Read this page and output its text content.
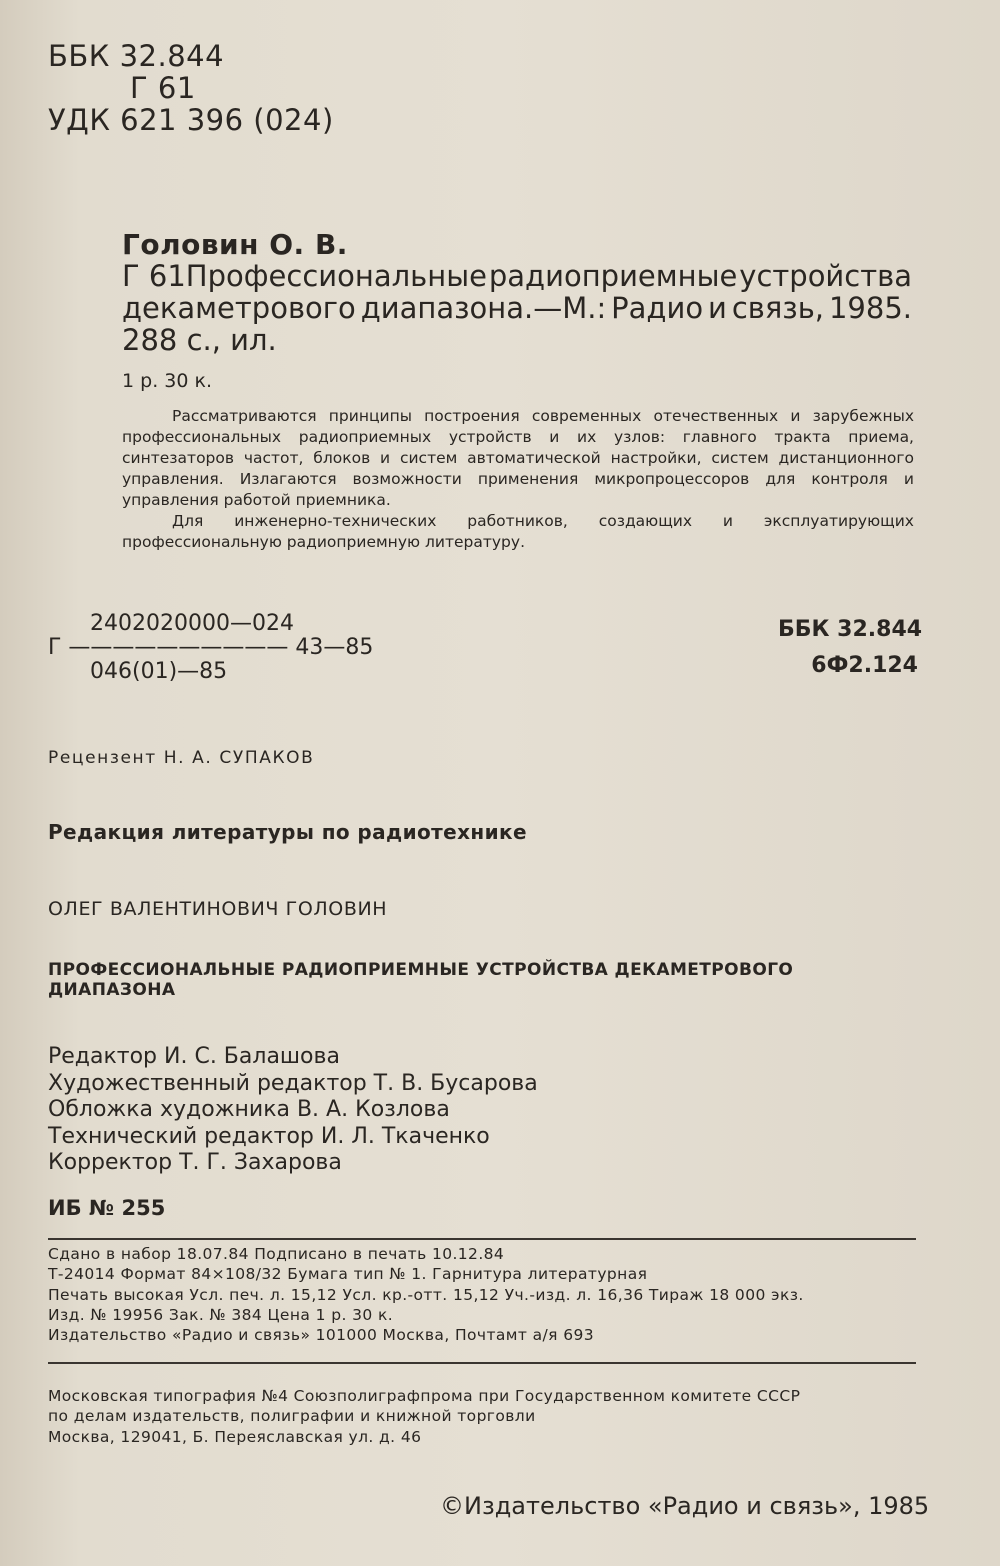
ББК 32.844
Г 61
УДК 621 396 (024)
Головин О. В.
Г 61Профессиональные радиоприемные устройства
декаметрового диапазона.—М.: Радио и связь, 1985.
288 с., ил.
1 р. 30 к.

Рассматриваются принципы построения современных отечественных и зарубежных профессиональных радиоприемных устройств и их узлов: главного тракта приема, синтезаторов частот, блоков и систем автоматической настройки, систем дистанционного управления. Излагаются возможности применения микропроцессоров для контроля и управления работой приемника.

Для инженерно-технических работников, создающих и эксплуатирующих профессиональную радиоприемную литературу.

2402020000—024
Г —————————— 43—85
046(01)—85
ББК 32.844
6Ф2.124
Рецензент Н. А. СУПАКОВ
Редакция литературы по радиотехнике
ОЛЕГ ВАЛЕНТИНОВИЧ ГОЛОВИН
ПРОФЕССИОНАЛЬНЫЕ РАДИОПРИЕМНЫЕ УСТРОЙСТВА ДЕКАМЕТРОВОГО ДИАПАЗОНА
Редактор И. С. Балашова
Художественный редактор Т. В. Бусарова
Обложка художника В. А. Козлова
Технический редактор И. Л. Ткаченко
Корректор Т. Г. Захарова
ИБ № 255
Сдано в набор 18.07.84 Подписано в печать 10.12.84
Т-24014 Формат 84×108/32 Бумага тип № 1. Гарнитура литературная
Печать высокая Усл. печ. л. 15,12 Усл. кр.-отт. 15,12 Уч.-изд. л. 16,36 Тираж 18 000 экз.
Изд. № 19956 Зак. № 384 Цена 1 р. 30 к.
Издательство «Радио и связь» 101000 Москва, Почтамт а/я 693
Московская типография №4 Союзполиграфпрома при Государственном комитете СССР
по делам издательств, полиграфии и книжной торговли
Москва, 129041, Б. Переяславская ул. д. 46
©Издательство «Радио и связь», 1985
